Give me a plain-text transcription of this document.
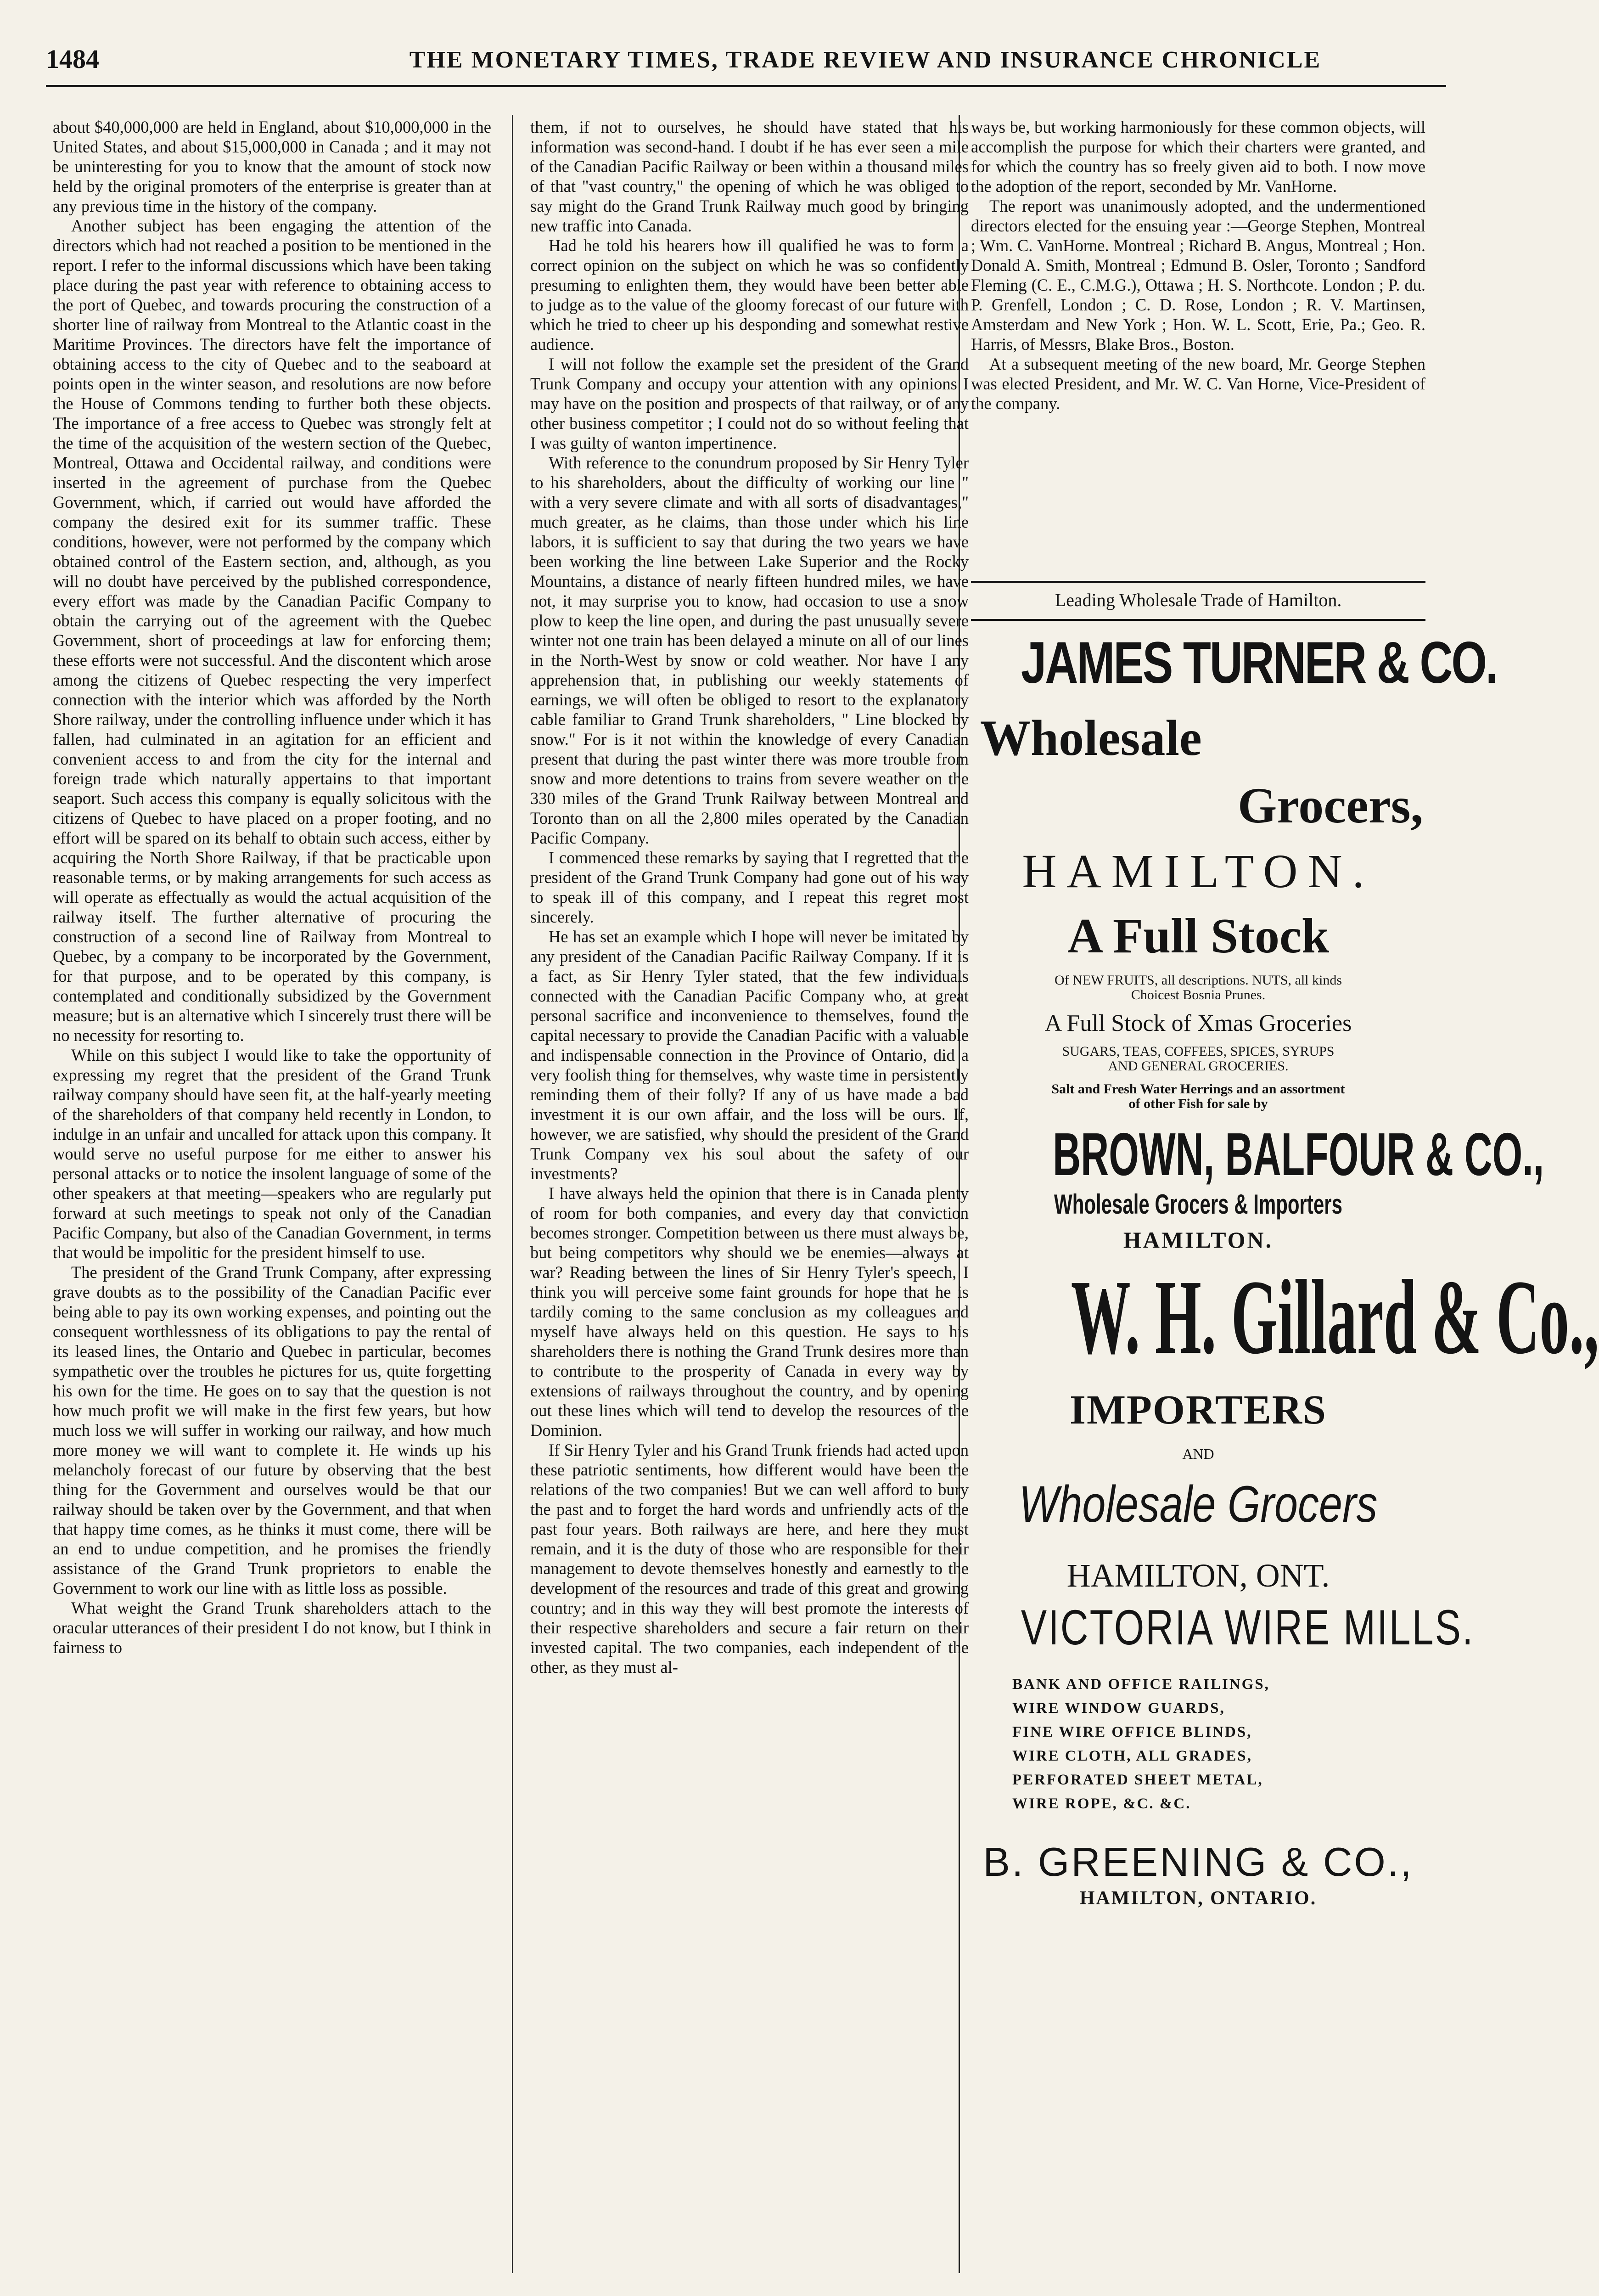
1484	THE MONETARY TIMES, TRADE REVIEW AND INSURANCE CHRONICLE

about $40,000,000 are held in England, about $10,000,000 in the United States, and about $15,000,000 in Canada ; and it may not be uninteresting for you to know that the amount of stock now held by the original promoters of the enterprise is greater than at any previous time in the history of the company.

Another subject has been engaging the attention of the directors which had not reached a position to be mentioned in the report. I refer to the informal discussions which have been taking place during the past year with reference to obtaining access to the port of Quebec, and towards procuring the construction of a shorter line of railway from Montreal to the Atlantic coast in the Maritime Provinces. The directors have felt the importance of obtaining access to the city of Quebec and to the seaboard at points open in the winter season, and resolutions are now before the House of Commons tending to further both these objects. The importance of a free access to Quebec was strongly felt at the time of the acquisition of the western section of the Quebec, Montreal, Ottawa and Occidental railway, and conditions were inserted in the agreement of purchase from the Quebec Government, which, if carried out would have afforded the company the desired exit for its summer traffic. These conditions, however, were not performed by the company which obtained control of the Eastern section, and, although, as you will no doubt have perceived by the published correspondence, every effort was made by the Canadian Pacific Company to obtain the carrying out of the agreement with the Quebec Government, short of proceedings at law for enforcing them; these efforts were not successful. And the discontent which arose among the citizens of Quebec respecting the very imperfect connection with the interior which was afforded by the North Shore railway, under the controlling influence under which it has fallen, had culminated in an agitation for an efficient and convenient access to and from the city for the internal and foreign trade which naturally appertains to that important seaport. Such access this company is equally solicitous with the citizens of Quebec to have placed on a proper footing, and no effort will be spared on its behalf to obtain such access, either by acquiring the North Shore Railway, if that be practicable upon reasonable terms, or by making arrangements for such access as will operate as effectually as would the actual acquisition of the railway itself. The further alternative of procuring the construction of a second line of Railway from Montreal to Quebec, by a company to be incorporated by the Government, for that purpose, and to be operated by this company, is contemplated and conditionally subsidized by the Government measure; but is an alternative which I sincerely trust there will be no necessity for resorting to.

While on this subject I would like to take the opportunity of expressing my regret that the president of the Grand Trunk railway company should have seen fit, at the half-yearly meeting of the shareholders of that company held recently in London, to indulge in an unfair and uncalled for attack upon this company. It would serve no useful purpose for me either to answer his personal attacks or to notice the insolent language of some of the other speakers at that meeting—speakers who are regularly put forward at such meetings to speak not only of the Canadian Pacific Company, but also of the Canadian Government, in terms that would be impolitic for the president himself to use.

The president of the Grand Trunk Company, after expressing grave doubts as to the possibility of the Canadian Pacific ever being able to pay its own working expenses, and pointing out the consequent worthlessness of its obligations to pay the rental of its leased lines, the Ontario and Quebec in particular, becomes sympathetic over the troubles he pictures for us, quite forgetting his own for the time. He goes on to say that the question is not how much profit we will make in the first few years, but how much loss we will suffer in working our railway, and how much more money we will want to complete it. He winds up his melancholy forecast of our future by observing that the best thing for the Government and ourselves would be that our railway should be taken over by the Government, and that when that happy time comes, as he thinks it must come, there will be an end to undue competition, and he promises the friendly assistance of the Grand Trunk proprietors to enable the Government to work our line with as little loss as possible.

What weight the Grand Trunk shareholders attach to the oracular utterances of their president I do not know, but I think in fairness to

them, if not to ourselves, he should have stated that his information was second-hand. I doubt if he has ever seen a mile of the Canadian Pacific Railway or been within a thousand miles of that "vast country," the opening of which he was obliged to say might do the Grand Trunk Railway much good by bringing new traffic into Canada.

Had he told his hearers how ill qualified he was to form a correct opinion on the subject on which he was so confidently presuming to enlighten them, they would have been better able to judge as to the value of the gloomy forecast of our future with which he tried to cheer up his desponding and somewhat restive audience.

I will not follow the example set the president of the Grand Trunk Company and occupy your attention with any opinions I may have on the position and prospects of that railway, or of any other business competitor ; I could not do so without feeling that I was guilty of wanton impertinence.

With reference to the conundrum proposed by Sir Henry Tyler to his shareholders, about the difficulty of working our line " with a very severe climate and with all sorts of disadvantages," much greater, as he claims, than those under which his line labors, it is sufficient to say that during the two years we have been working the line between Lake Superior and the Rocky Mountains, a distance of nearly fifteen hundred miles, we have not, it may surprise you to know, had occasion to use a snow plow to keep the line open, and during the past unusually severe winter not one train has been delayed a minute on all of our lines in the North-West by snow or cold weather. Nor have I any apprehension that, in publishing our weekly statements of earnings, we will often be obliged to resort to the explanatory cable familiar to Grand Trunk shareholders, " Line blocked by snow." For is it not within the knowledge of every Canadian present that during the past winter there was more trouble from snow and more detentions to trains from severe weather on the 330 miles of the Grand Trunk Railway between Montreal and Toronto than on all the 2,800 miles operated by the Canadian Pacific Company.

I commenced these remarks by saying that I regretted that the president of the Grand Trunk Company had gone out of his way to speak ill of this company, and I repeat this regret most sincerely.

He has set an example which I hope will never be imitated by any president of the Canadian Pacific Railway Company. If it is a fact, as Sir Henry Tyler stated, that the few individuals connected with the Canadian Pacific Company who, at great personal sacrifice and inconvenience to themselves, found the capital necessary to provide the Canadian Pacific with a valuable and indispensable connection in the Province of Ontario, did a very foolish thing for themselves, why waste time in persistently reminding them of their folly? If any of us have made a bad investment it is our own affair, and the loss will be ours. If, however, we are satisfied, why should the president of the Grand Trunk Company vex his soul about the safety of our investments?

I have always held the opinion that there is in Canada plenty of room for both companies, and every day that conviction becomes stronger. Competition between us there must always be, but being competitors why should we be enemies—always at war? Reading between the lines of Sir Henry Tyler's speech, I think you will perceive some faint grounds for hope that he is tardily coming to the same conclusion as my colleagues and myself have always held on this question. He says to his shareholders there is nothing the Grand Trunk desires more than to contribute to the prosperity of Canada in every way by extensions of railways throughout the country, and by opening out these lines which will tend to develop the resources of the Dominion.

If Sir Henry Tyler and his Grand Trunk friends had acted upon these patriotic sentiments, how different would have been the relations of the two companies! But we can well afford to bury the past and to forget the hard words and unfriendly acts of the past four years. Both railways are here, and here they must remain, and it is the duty of those who are responsible for their management to devote themselves honestly and earnestly to the development of the resources and trade of this great and growing country; and in this way they will best promote the interests of their respective shareholders and secure a fair return on their invested capital. The two companies, each independent of the other, as they must al-

ways be, but working harmoniously for these common objects, will accomplish the purpose for which their charters were granted, and for which the country has so freely given aid to both. I now move the adoption of the report, seconded by Mr. VanHorne.

The report was unanimously adopted, and the undermentioned directors elected for the ensuing year :—George Stephen, Montreal ; Wm. C. VanHorne. Montreal ; Richard B. Angus, Montreal ; Hon. Donald A. Smith, Montreal ; Edmund B. Osler, Toronto ; Sandford Fleming (C. E., C.M.G.), Ottawa ; H. S. Northcote. London ; P. du. P. Grenfell, London ; C. D. Rose, London ; R. V. Martinsen, Amsterdam and New York ; Hon. W. L. Scott, Erie, Pa.; Geo. R. Harris, of Messrs, Blake Bros., Boston.

At a subsequent meeting of the new board, Mr. George Stephen was elected President, and Mr. W. C. Van Horne, Vice-President of the company.

Leading Wholesale Trade of Hamilton.
JAMES TURNER & CO.
Wholesale
Grocers,
HAMILTON.
A Full Stock
Of NEW FRUITS, all descriptions. NUTS, all kinds
Choicest Bosnia Prunes.
A Full Stock of Xmas Groceries
SUGARS, TEAS, COFFEES, SPICES, SYRUPS
AND GENERAL GROCERIES.
Salt and Fresh Water Herrings and an assortment
of other Fish for sale by
BROWN, BALFOUR & CO.,
Wholesale Grocers & Importers
HAMILTON.
W. H. Gillard & Co.,
IMPORTERS
AND
Wholesale Grocers
HAMILTON, ONT.
VICTORIA WIRE MILLS.
BANK AND OFFICE RAILINGS,
WIRE WINDOW GUARDS,
FINE WIRE OFFICE BLINDS,
WIRE CLOTH, ALL GRADES,
PERFORATED SHEET METAL,
WIRE ROPE, &C. &C.
B. GREENING & CO.,
HAMILTON, ONTARIO.
